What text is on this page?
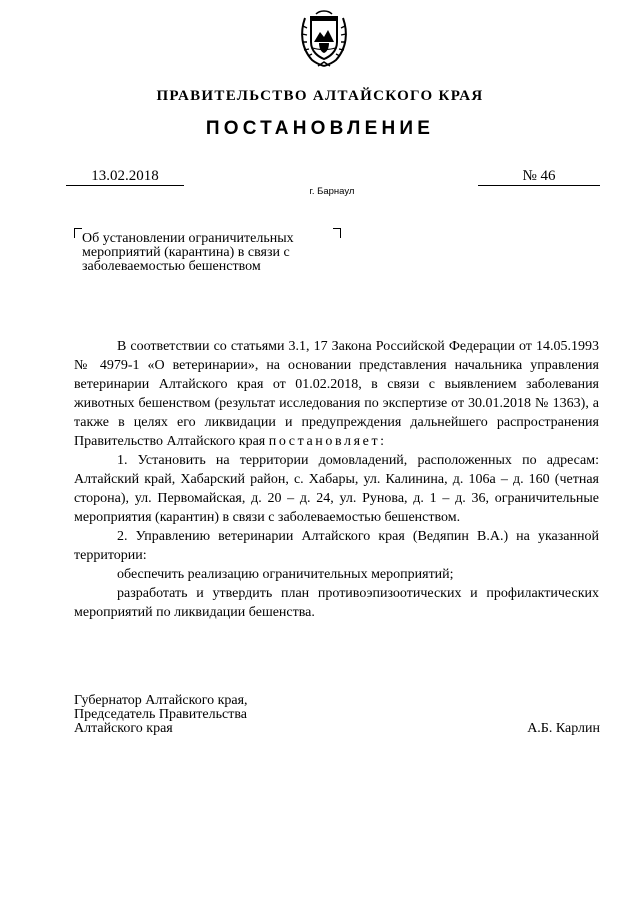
ПРАВИТЕЛЬСТВО АЛТАЙСКОГО КРАЯ
ПОСТАНОВЛЕНИЕ
13.02.2018	№ 46
г. Барнаул
Об установлении ограничительных
мероприятий (карантина) в связи с
заболеваемостью бешенством

В соответствии со статьями 3.1, 17 Закона Российской Федерации от 14.05.1993 № 4979-1 «О ветеринарии», на основании представления начальника управления ветеринарии Алтайского края от 01.02.2018, в связи с выявлением заболевания животных бешенством (результат исследования по экспертизе от 30.01.2018 № 1363), а также в целях его ликвидации и предупреждения дальнейшего распространения Правительство Алтайского края постановляет:

1. Установить на территории домовладений, расположенных по адресам: Алтайский край, Хабарский район, с. Хабары, ул. Калинина, д. 106а – д. 160 (четная сторона), ул. Первомайская, д. 20 – д. 24, ул. Рунова, д. 1 – д. 36, ограничительные мероприятия (карантин) в связи с заболеваемостью бешенством.

2. Управлению ветеринарии Алтайского края (Ведяпин В.А.) на указанной территории:

обеспечить реализацию ограничительных мероприятий;

разработать и утвердить план противоэпизоотических и профилактических мероприятий по ликвидации бешенства.

Губернатор Алтайского края,
Председатель Правительства
Алтайского края	А.Б. Карлин
